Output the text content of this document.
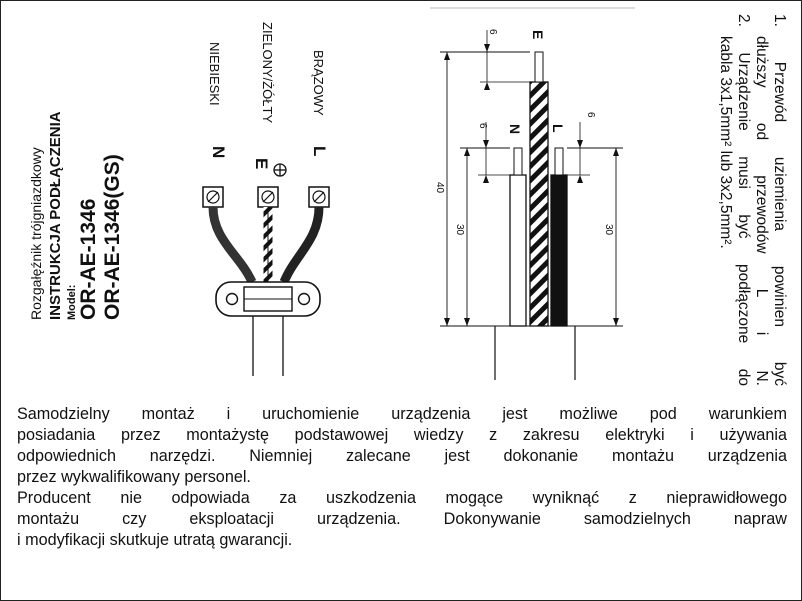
Rozgałęźnik trójgniazdkowy INSTRUKCJA PODŁĄCZENIA Model: OR-AE-1346 OR-AE-1346(GS)
NIEBIESKI
N
ZIELONY/ŻÓŁTY
E
BRĄZOWY
L
6
6
6
40
30	30
E
N L	1. Przewód uziemienia powinien być
dłuższy od przewodów L i N.
2. Urządzenie musi być podłączone do
kabla 3x1,5mm² lub 3x2,5mm².

Samodzielny montaż i uruchomienie urządzenia jest możliwe pod warunkiem

posiadania przez montażystę podstawowej wiedzy z zakresu elektryki i używania

odpowiednich narzędzi. Niemniej zalecane jest dokonanie montażu urządzenia

przez wykwalifikowany personel.

Producent nie odpowiada za uszkodzenia mogące wyniknąć z nieprawidłowego

montażu czy eksploatacji urządzenia. Dokonywanie samodzielnych napraw

i modyfikacji skutkuje utratą gwarancji.
